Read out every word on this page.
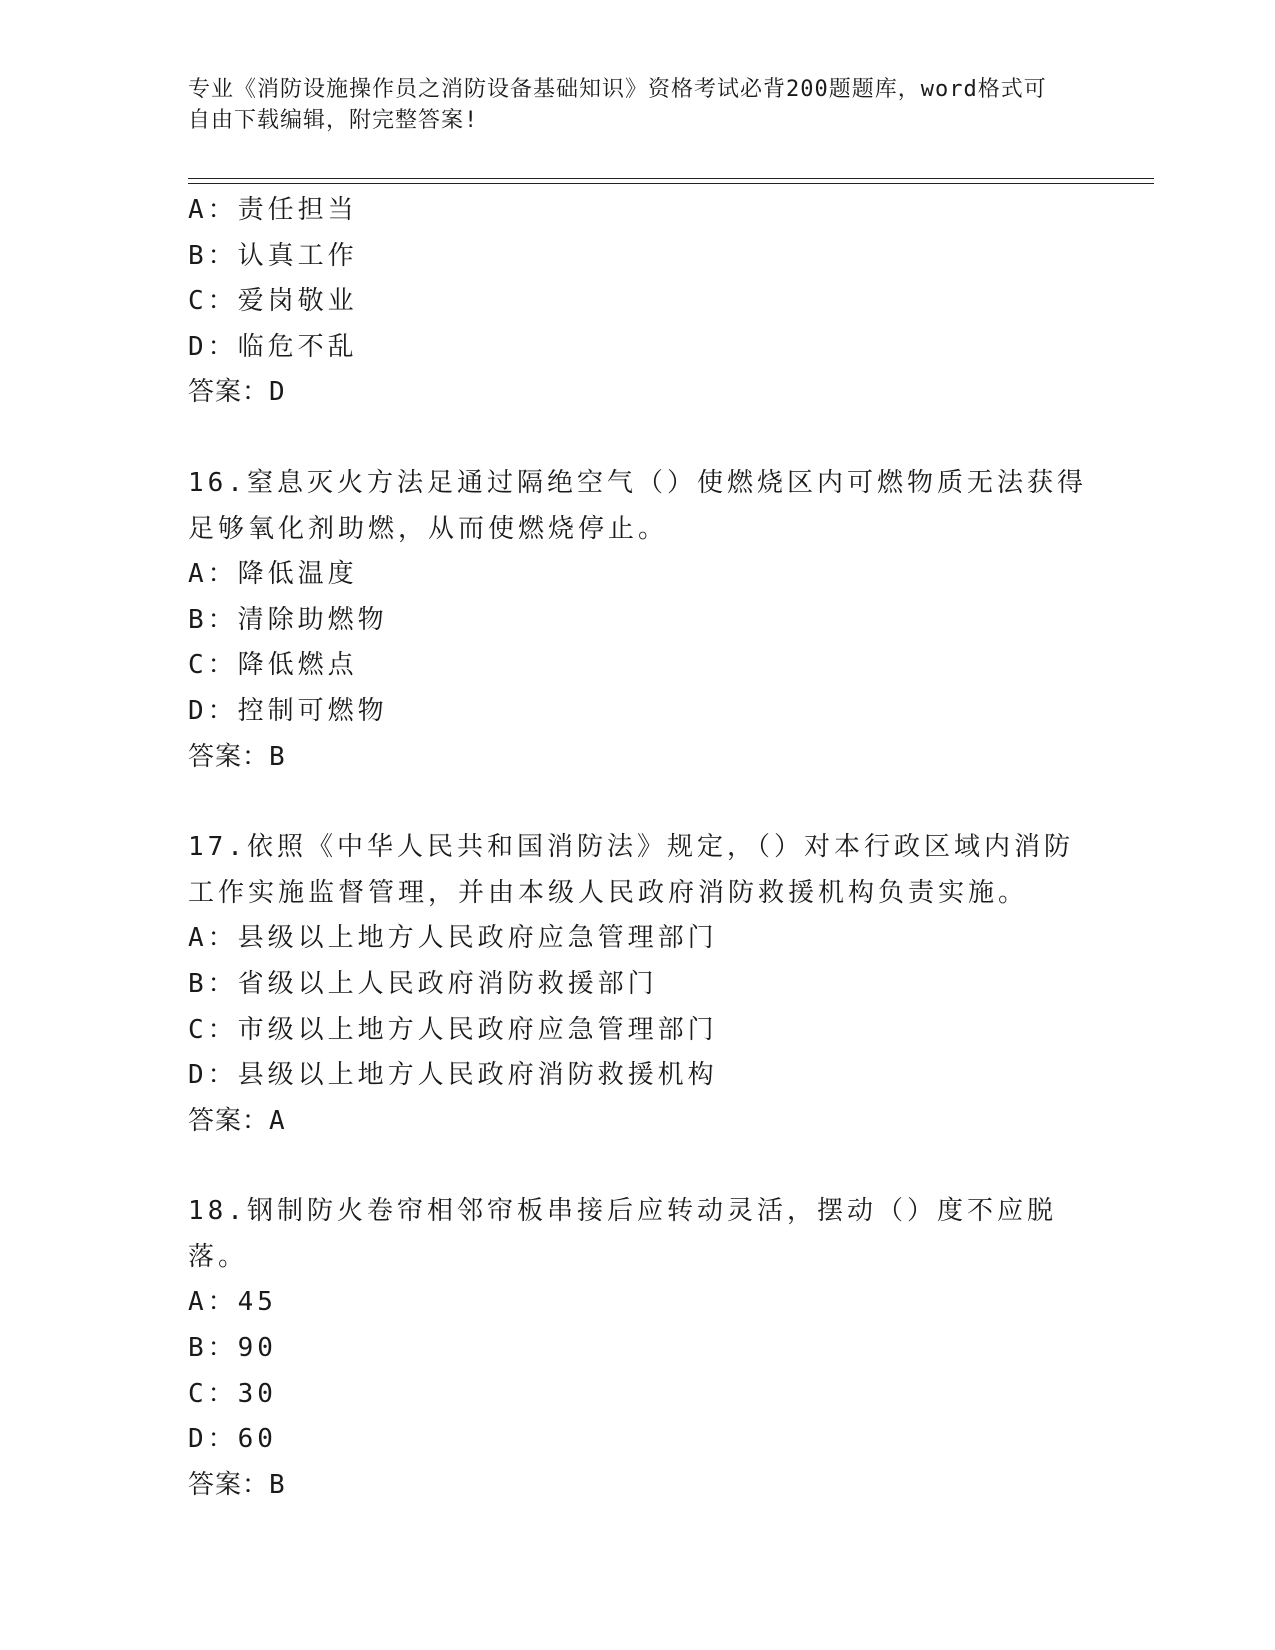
专业《消防设施操作员之消防设备基础知识》资格考试必背200题题库，word格式可自由下载编辑，附完整答案!
A：责任担当
B：认真工作
C：爱岗敬业
D：临危不乱
答案：D
16.窒息灭火方法足通过隔绝空气（）使燃烧区内可燃物质无法获得足够氧化剂助燃，从而使燃烧停止。
A：降低温度
B：清除助燃物
C：降低燃点
D：控制可燃物
答案：B
17.依照《中华人民共和国消防法》规定，（）对本行政区域内消防工作实施监督管理，并由本级人民政府消防救援机构负责实施。
A：县级以上地方人民政府应急管理部门
B：省级以上人民政府消防救援部门
C：市级以上地方人民政府应急管理部门
D：县级以上地方人民政府消防救援机构
答案：A
18.钢制防火卷帘相邻帘板串接后应转动灵活，摆动（）度不应脱落。
A：45
B：90
C：30
D：60
答案：B
